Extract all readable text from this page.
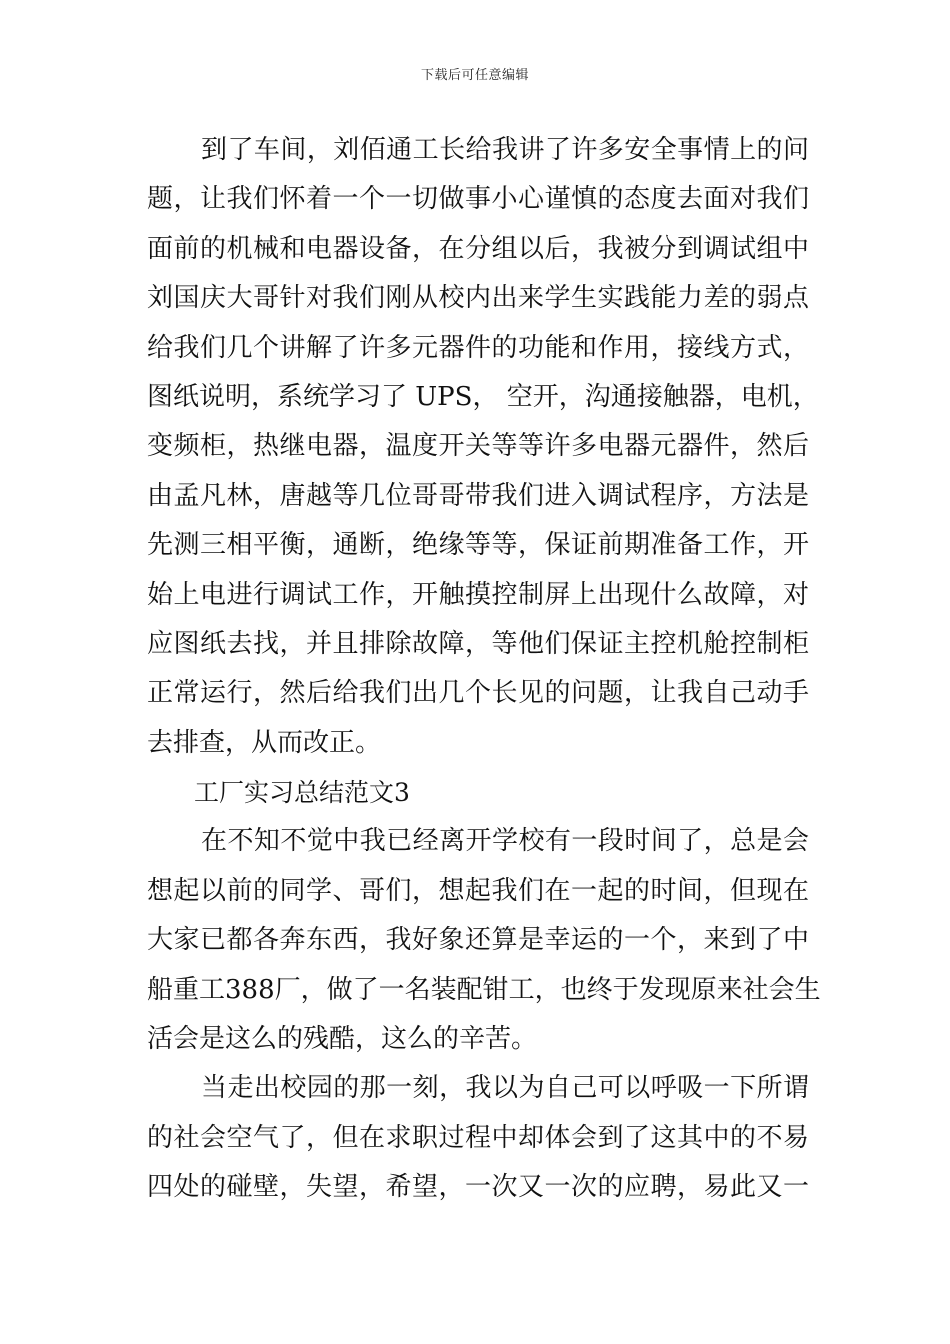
下载后可任意编辑
到了车间，刘佰通工长给我讲了许多安全事情上的问
题，让我们怀着一个一切做事小心谨慎的态度去面对我们
面前的机械和电器设备，在分组以后，我被分到调试组中
刘国庆大哥针对我们刚从校内出来学生实践能力差的弱点
给我们几个讲解了许多元器件的功能和作用，接线方式，
图纸说明，系统学习了 UPS， 空开，沟通接触器，电机，
变频柜，热继电器，温度开关等等许多电器元器件，然后
由孟凡林，唐越等几位哥哥带我们进入调试程序，方法是
先测三相平衡，通断，绝缘等等，保证前期准备工作，开
始上电进行调试工作，开触摸控制屏上出现什么故障，对
应图纸去找，并且排除故障，等他们保证主控机舱控制柜
正常运行，然后给我们出几个长见的问题，让我自己动手
去排查，从而改正。
工厂实习总结范文3
在不知不觉中我已经离开学校有一段时间了，总是会
想起以前的同学、哥们，想起我们在一起的时间，但现在
大家已都各奔东西，我好象还算是幸运的一个，来到了中
船重工388厂，做了一名装配钳工，也终于发现原来社会生
活会是这么的残酷，这么的辛苦。
当走出校园的那一刻，我以为自己可以呼吸一下所谓
的社会空气了，但在求职过程中却体会到了这其中的不易
四处的碰壁，失望，希望，一次又一次的应聘，易此又一
